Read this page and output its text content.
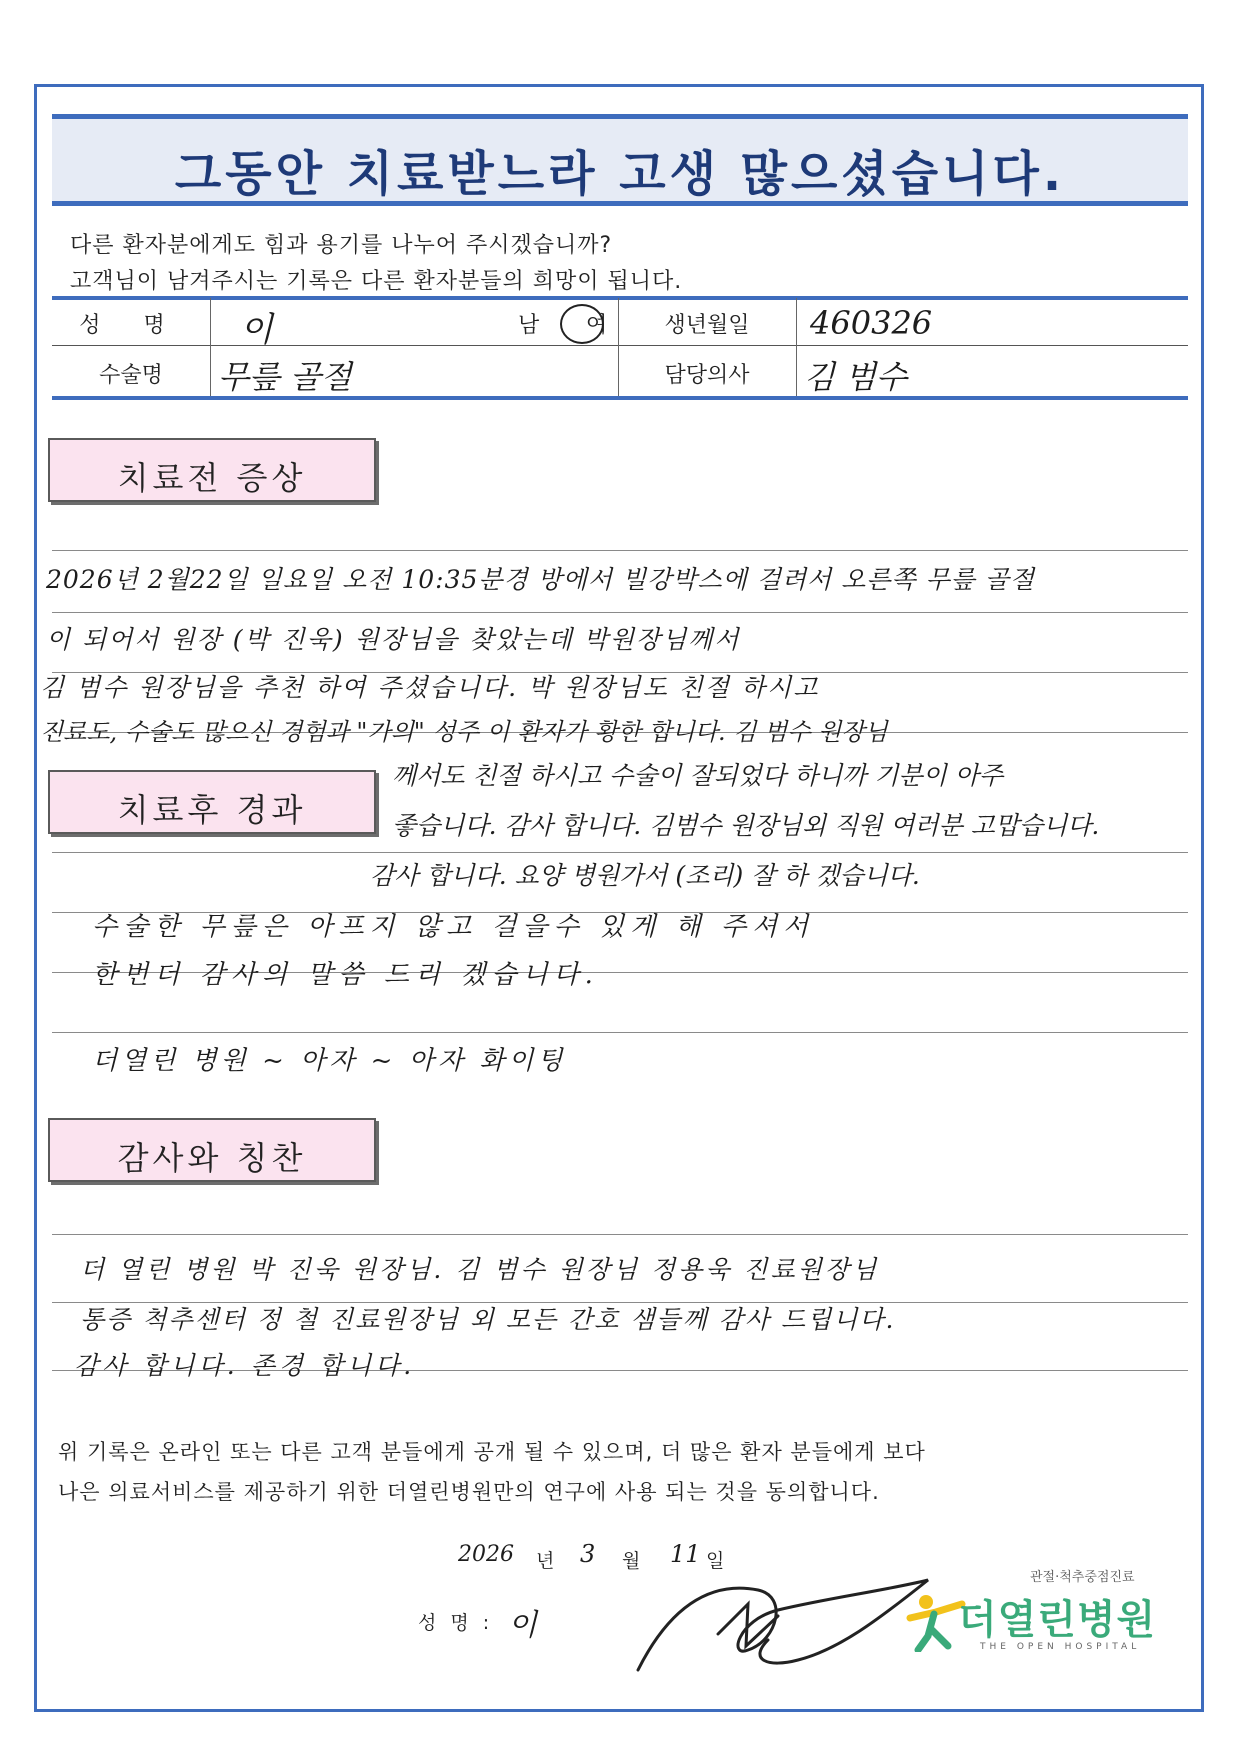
그동안 치료받느라 고생 많으셨습니다.
다른 환자분에게도 힘과 용기를 나누어 주시겠습니까?
고객님이 남겨주시는 기록은 다른 환자분들의 희망이 됩니다.
성 명	이	남 여	생년월일	460326
수술명	무릎 골절	담당의사	김 범수
치료전 증상
2026년 2월22일 일요일 오전 10:35분경 방에서 빌강박스에 걸려서 오른쪽 무릎 골절
이 되어서 원장 (박 진욱) 원장님을 찾았는데 박원장님께서
김 범수 원장님을 추천 하여 주셨습니다. 박 원장님도 친절 하시고
진료도, 수술도 많으신 경험과 "가의" 성주 이 환자가 황한 합니다. 김 범수 원장님
께서도 친절 하시고 수술이 잘되었다 하니까 기분이 아주
좋습니다. 감사 합니다. 김범수 원장님외 직원 여러분 고맙습니다.
감사 합니다. 요양 병원가서 (조리) 잘 하 겠습니다.
치료후 경과
수술한 무릎은 아프지 않고 걸을수 있게 해 주셔서
한번더 감사의 말씀 드리 겠습니다.
더열린 병원 ~ 아자 ~ 아자 화이팅
감사와 칭찬
더 열린 병원 박 진욱 원장님. 김 범수 원장님 정용욱 진료원장님
통증 척추센터 정 철 진료원장님 외 모든 간호 샘들께 감사 드립니다.
감사 합니다. 존경 합니다.
위 기록은 온라인 또는 다른 고객 분들에게 공개 될 수 있으며, 더 많은 환자 분들에게 보다
나은 의료서비스를 제공하기 위한 더열린병원만의 연구에 사용 되는 것을 동의합니다.
2026 년 3 월 11 일
성 명 : 이
관절·척추중점진료
더열린병원
THE OPEN HOSPITAL
